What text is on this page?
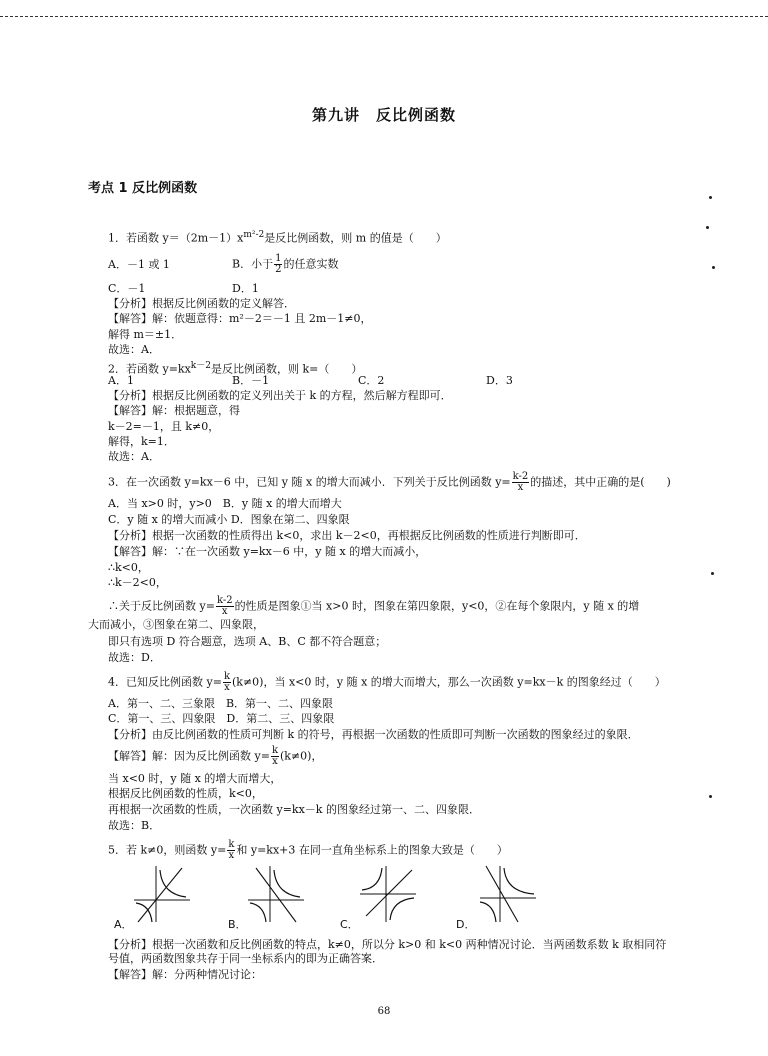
第九讲　反比例函数
考点 1 反比例函数
1．若函数 $y=(2m-1)x^{m^2-2}$是反比例函数，则 m 的值是（　　）
A．－1 或 1	B．小于 $\frac{1}{2}$ 的任意实数
C．－1	D．1
【分析】根据反比例函数的定义解答．
【解答】解：依题意得：m²－2＝－1 且 2m－1≠0，
解得 m＝±1．
故选：A．
2．若函数 $y=kx^{k-2}$是反比例函数，则 k=（　　）
A．1	B．－1	C．2	D．3
【分析】根据反比例函数的定义列出关于 k 的方程，然后解方程即可．
【解答】解：根据题意，得
k－2=－1，且 k≠0，
解得，k=1．
故选：A．
3．在一次函数 y=kx－6 中，已知 y 随 x 的增大而减小．下列关于反比例函数 $y= \frac{k-2}{x}$ 的描述，其中正确的是(　　)
A．当 x>0 时，y>0　B．y 随 x 的增大而增大
C．y 随 x 的增大而减小 D．图象在第二、四象限
【分析】根据一次函数的性质得出 k<0，求出 k－2<0，再根据反比例函数的性质进行判断即可．
【解答】解：∵在一次函数 y=kx－6 中，y 随 x 的增大而减小，
∴k<0，
∴k－2<0，
∴关于反比例函数 $y= \frac{k-2}{x}$ 的性质是图象①当 x>0 时，图象在第四象限，y<0，②在每个象限内，y 随 x 的增
大而减小，③图象在第二、四象限，
即只有选项 D 符合题意，选项 A、B、C 都不符合题意；
故选：D．
4．已知反比例函数 $y= \frac{k}{x} (k\ne 0)$，当 x<0 时，y 随 x 的增大而增大，那么一次函数 y=kx－k 的图象经过（　　）
A．第一、二、三象限　B．第一、二、四象限
C．第一、三、四象限　D．第二、三、四象限
【分析】由反比例函数的性质可判断 k 的符号，再根据一次函数的性质即可判断一次函数的图象经过的象限．
【解答】解：因为反比例函数 $y= \frac{k}{x} (k\ne 0)$，
当 x<0 时，y 随 x 的增大而增大，
根据反比例函数的性质，k<0，
再根据一次函数的性质，一次函数 y=kx－k 的图象经过第一、二、四象限．
故选：B．
5．若 k≠0，则函数 $y= \frac{k}{x}$ 和 y=kx+3 在同一直角坐标系上的图象大致是（　　）
A．	B．	C．	D．
【分析】根据一次函数和反比例函数的特点，k≠0，所以分 k>0 和 k<0 两种情况讨论．当两函数系数 k 取相同符号值，两函数图象共存于同一坐标系内的即为正确答案．
【解答】解：分两种情况讨论：
68
